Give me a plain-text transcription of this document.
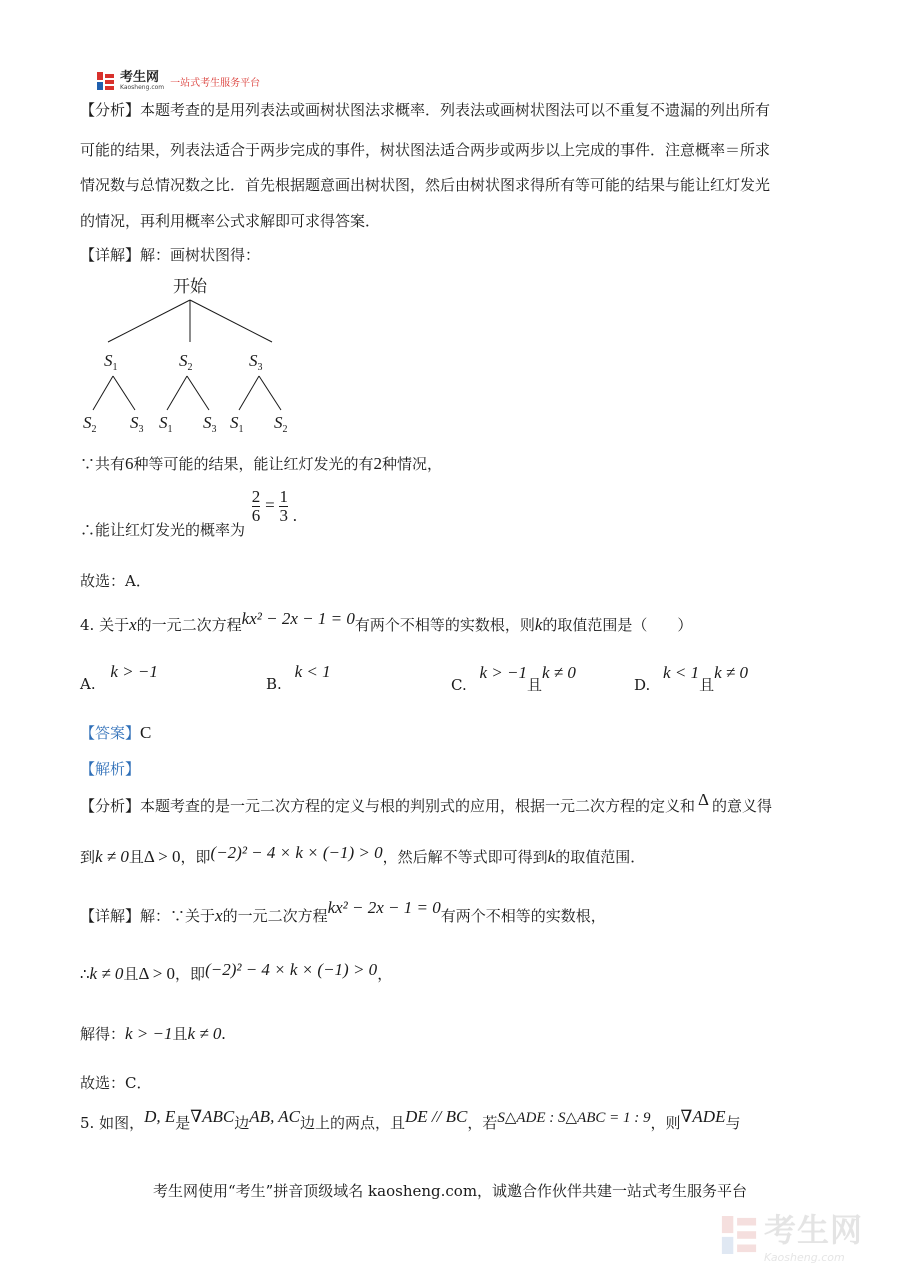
考生网
Kaosheng.com 一站式考生服务平台
【分析】本题考查的是用列表法或画树状图法求概率．列表法或画树状图法可以不重复不遗漏的列出所有
可能的结果，列表法适合于两步完成的事件，树状图法适合两步或两步以上完成的事件．注意概率＝所求
情况数与总情况数之比．首先根据题意画出树状图，然后由树状图求得所有等可能的结果与能让红灯发光
的情况，再利用概率公式求解即可求得答案．
【详解】解：画树状图得：
开始
$S_1$	$S_2$	$S_3$
$S_2$ $S_3$ $S_1$ $S_3$ $S_1$ $S_2$
∵共有6种等可能的结果，能让红灯发光的有2种情况，
∴能让红灯发光的概率为
$\frac{2}{6} = \frac{1}{3}$ .
故选：A．
4. 关于x的一元二次方程kx² − 2x − 1 = 0有两个不相等的实数根，则k的取值范围是（　　）
A. k > −1
B. k < 1
C. k > −1且k ≠ 0
D. k < 1且k ≠ 0
【答案】C
【解析】
【分析】本题考查的是一元二次方程的定义与根的判别式的应用，根据一元二次方程的定义和 Δ 的意义得
到k ≠ 0且Δ > 0，即(−2)² − 4 × k × (−1) > 0，然后解不等式即可得到k的取值范围．
【详解】解：∵关于x的一元二次方程kx² − 2x − 1 = 0有两个不相等的实数根，
∴k ≠ 0且Δ > 0，即(−2)² − 4 × k × (−1) > 0，
解得：k > −1且k ≠ 0.
故选：C．
5. 如图，D, E是∇ABC边AB, AC边上的两点，且DE // BC，若S△ADE : S△ABC = 1 : 9，则∇ADE与
考生网使用“考生”拼音顶级域名 kaosheng.com，诚邀合作伙伴共建一站式考生服务平台
考生网
Kaosheng.com
